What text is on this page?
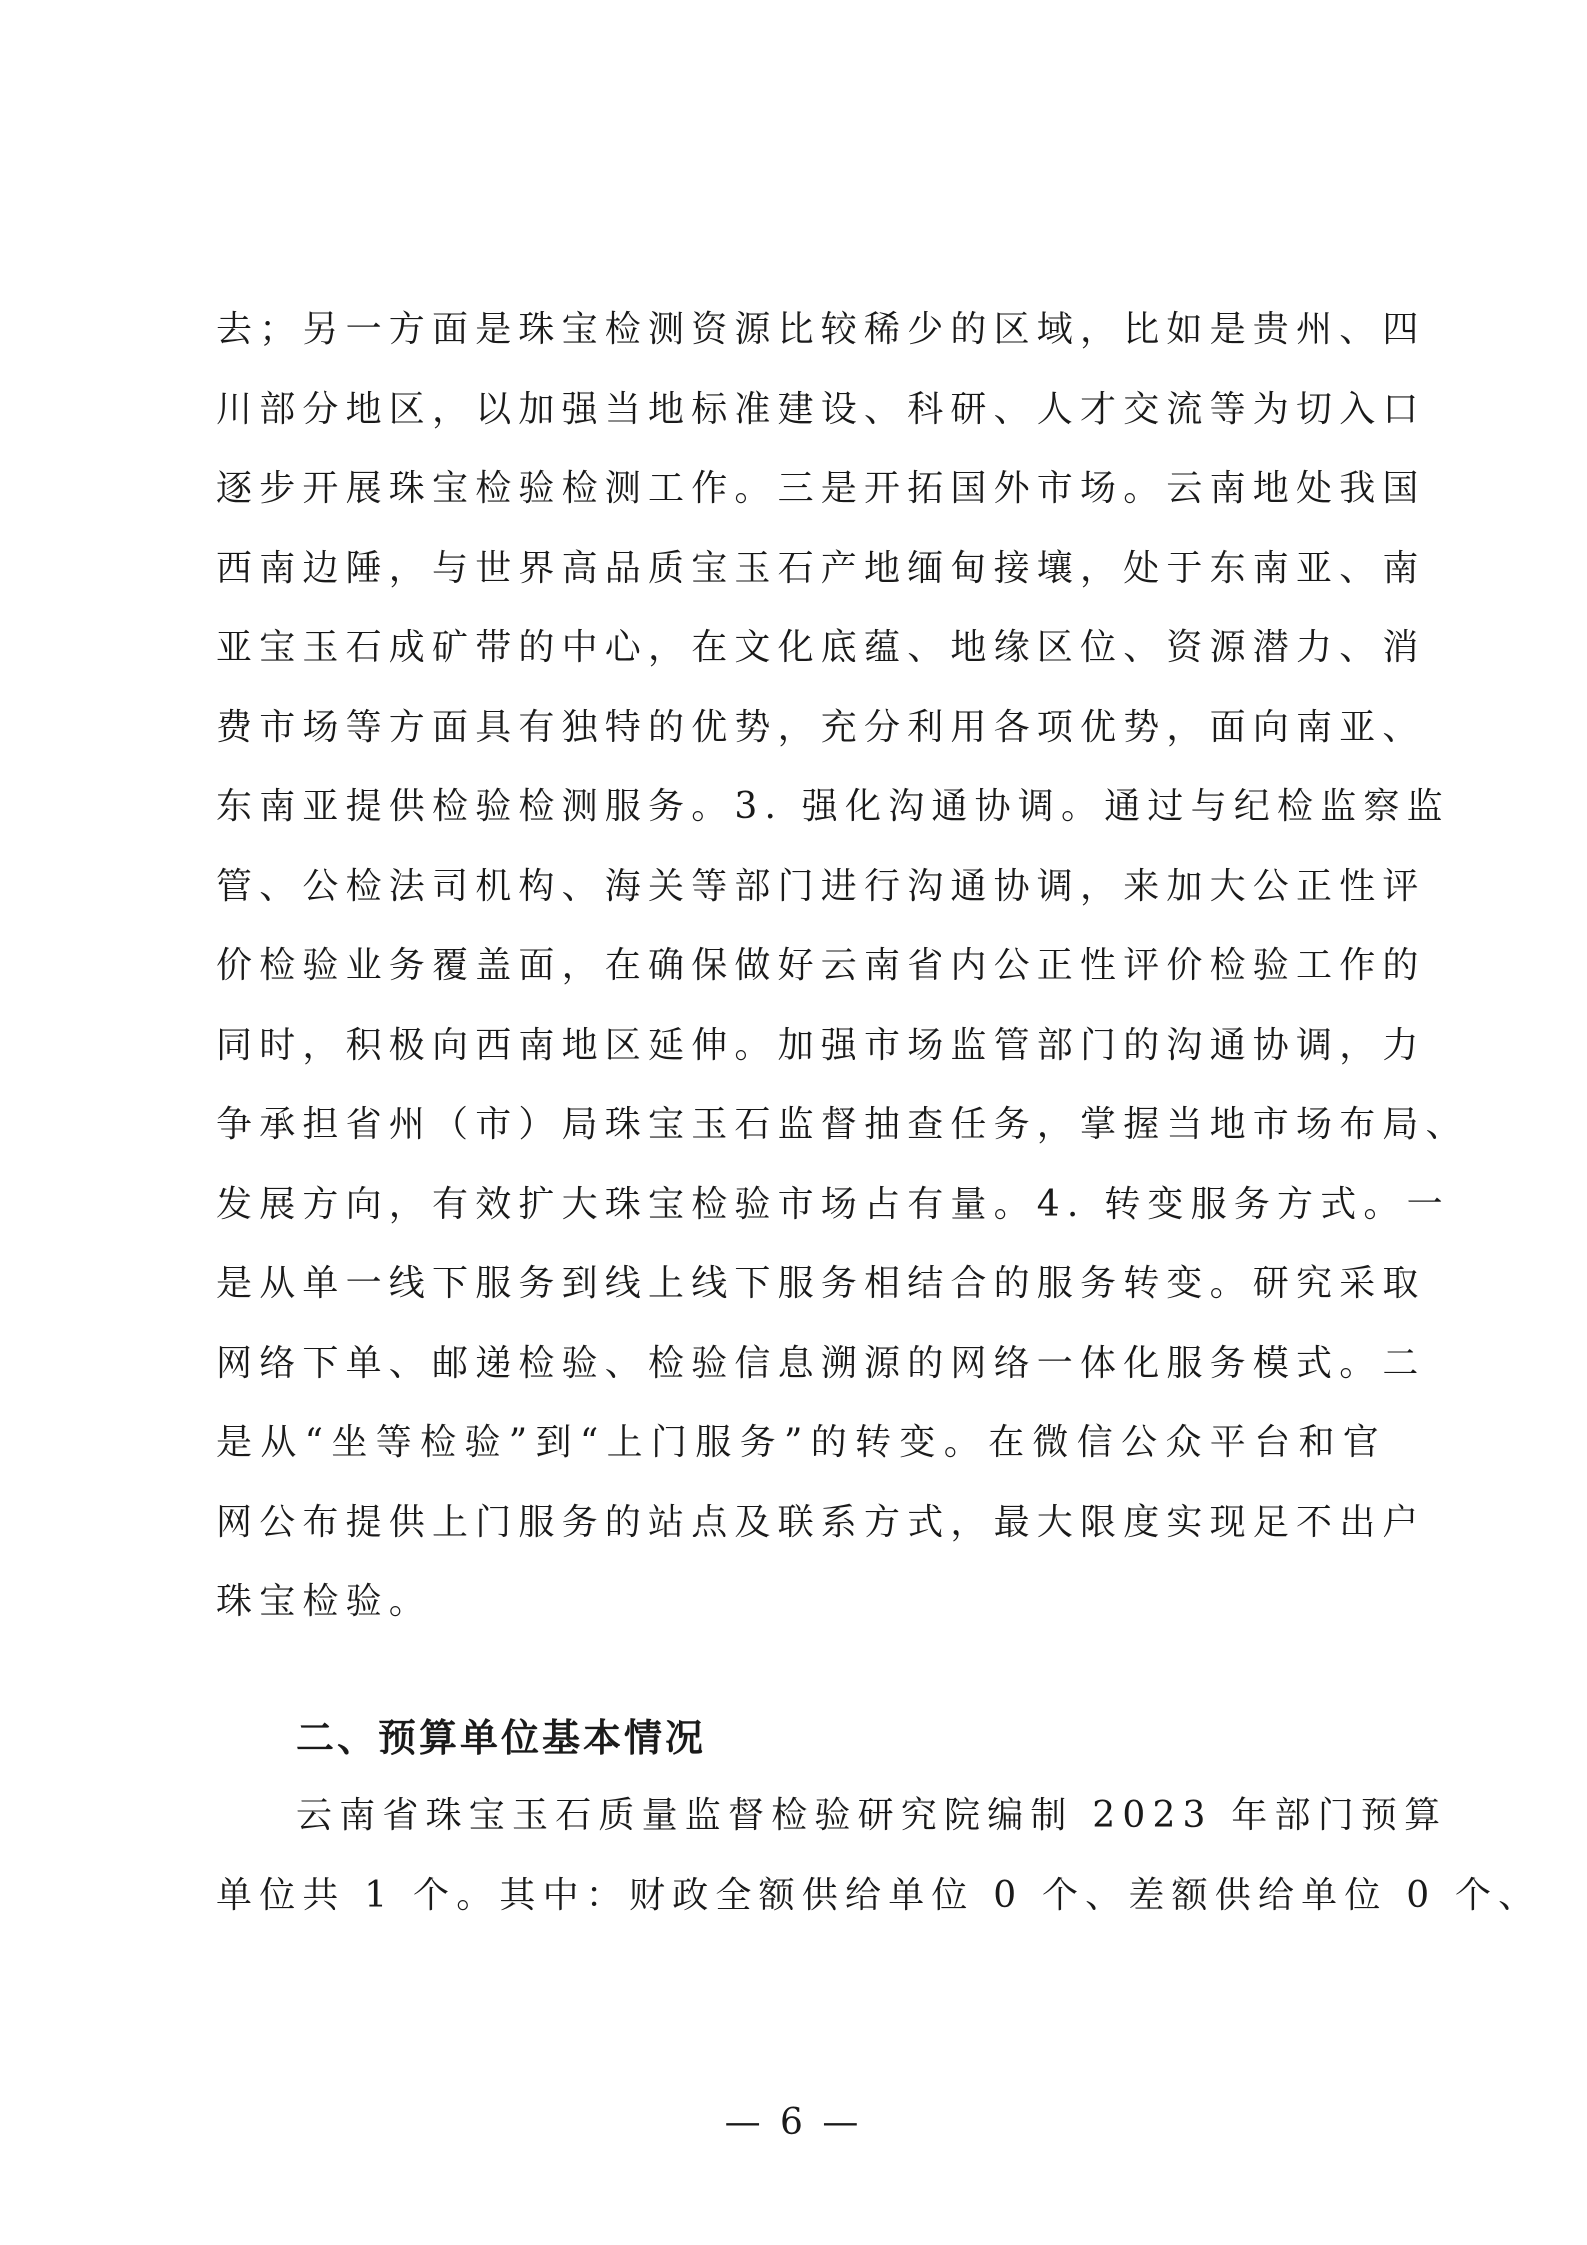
去；另一方面是珠宝检测资源比较稀少的区域，比如是贵州、四
川部分地区，以加强当地标准建设、科研、人才交流等为切入口
逐步开展珠宝检验检测工作。三是开拓国外市场。云南地处我国
西南边陲，与世界高品质宝玉石产地缅甸接壤，处于东南亚、南
亚宝玉石成矿带的中心，在文化底蕴、地缘区位、资源潜力、消
费市场等方面具有独特的优势，充分利用各项优势，面向南亚、
东南亚提供检验检测服务。3. 强化沟通协调。通过与纪检监察监
管、公检法司机构、海关等部门进行沟通协调，来加大公正性评
价检验业务覆盖面，在确保做好云南省内公正性评价检验工作的
同时，积极向西南地区延伸。加强市场监管部门的沟通协调，力
争承担省州（市）局珠宝玉石监督抽查任务，掌握当地市场布局、
发展方向，有效扩大珠宝检验市场占有量。4. 转变服务方式。一
是从单一线下服务到线上线下服务相结合的服务转变。研究采取
网络下单、邮递检验、检验信息溯源的网络一体化服务模式。二
是从“坐等检验”到“上门服务”的转变。在微信公众平台和官
网公布提供上门服务的站点及联系方式，最大限度实现足不出户
珠宝检验。
二、预算单位基本情况
云南省珠宝玉石质量监督检验研究院编制 2023 年部门预算
单位共 1 个。其中：财政全额供给单位 0 个、差额供给单位 0 个、
— 6 —
